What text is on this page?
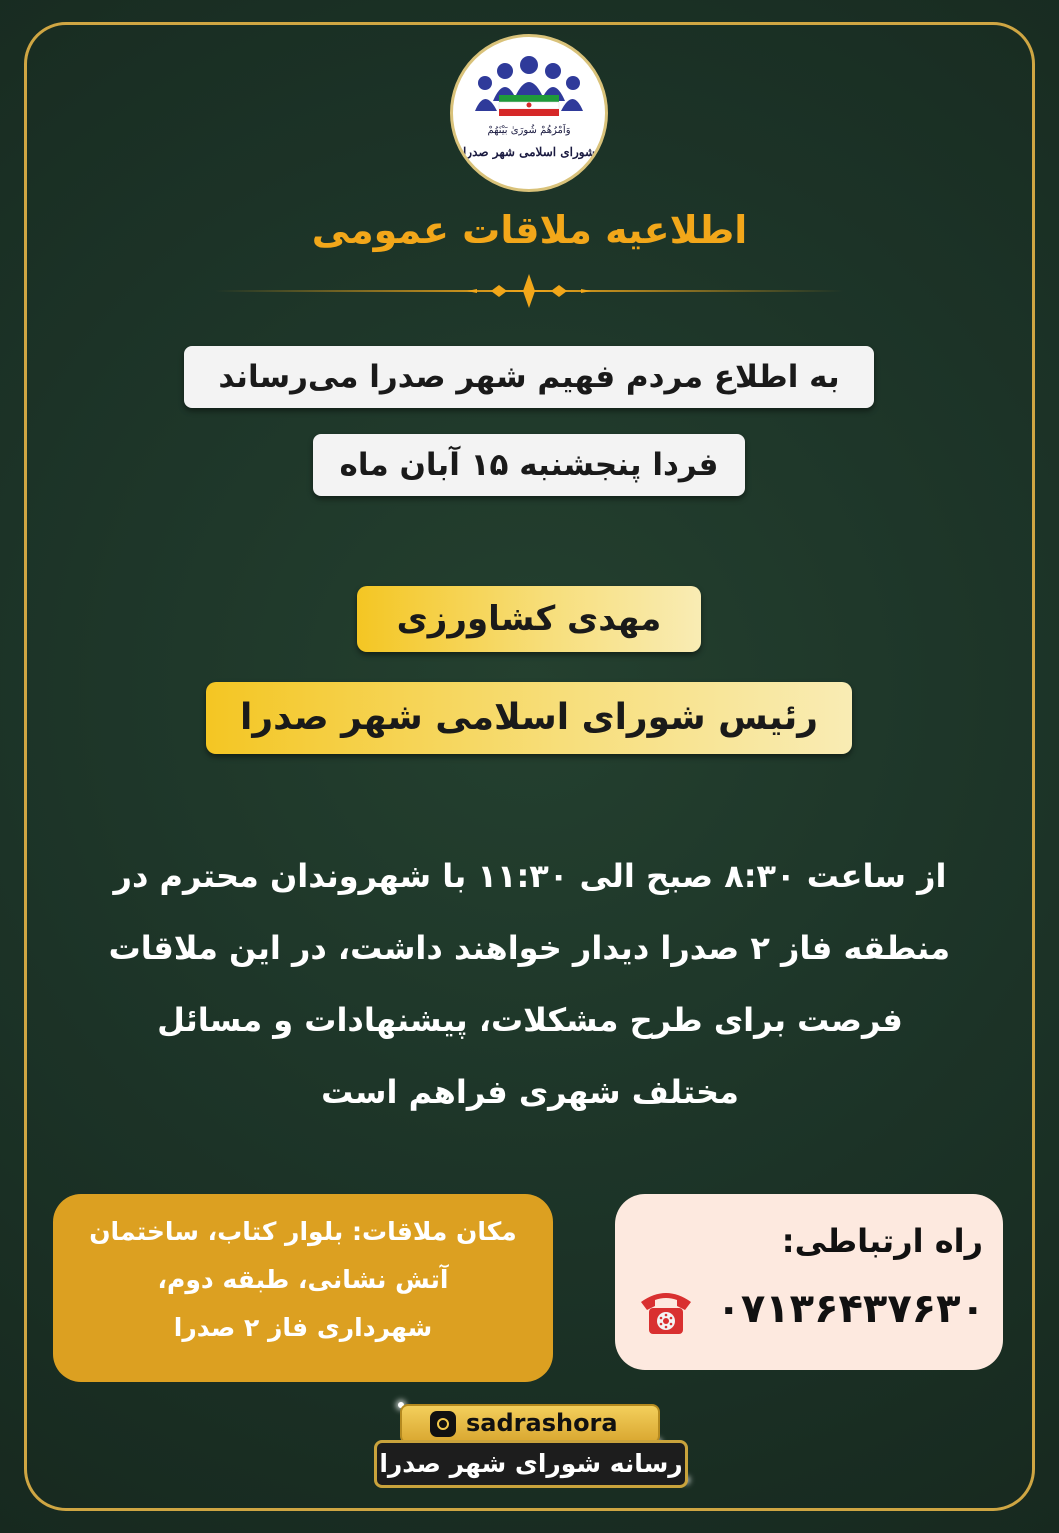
وَاَمْرُهُمْ شُورَىٰ بَيْنَهُمْ
شورای اسلامی شهر صدرا
اطلاعیه ملاقات عمومی
به اطلاع مردم فهیم شهر صدرا می‌رساند
فردا پنجشنبه ۱۵ آبان ماه
مهدی کشاورزی
رئیس شورای اسلامی شهر صدرا
از ساعت ۸:۳۰ صبح الی ۱۱:۳۰ با شهروندان محترم در
منطقه فاز ۲ صدرا دیدار خواهند داشت، در این ملاقات
فرصت برای طرح مشکلات، پیشنهادات و مسائل
مختلف شهری فراهم است
مکان ملاقات: بلوار کتاب، ساختمان
آتش نشانی، طبقه دوم،
شهرداری فاز ۲ صدرا
راه ارتباطی:
۰۷۱۳۶۴۳۷۶۳۰
sadrashora
رسانه شورای شهر صدرا
